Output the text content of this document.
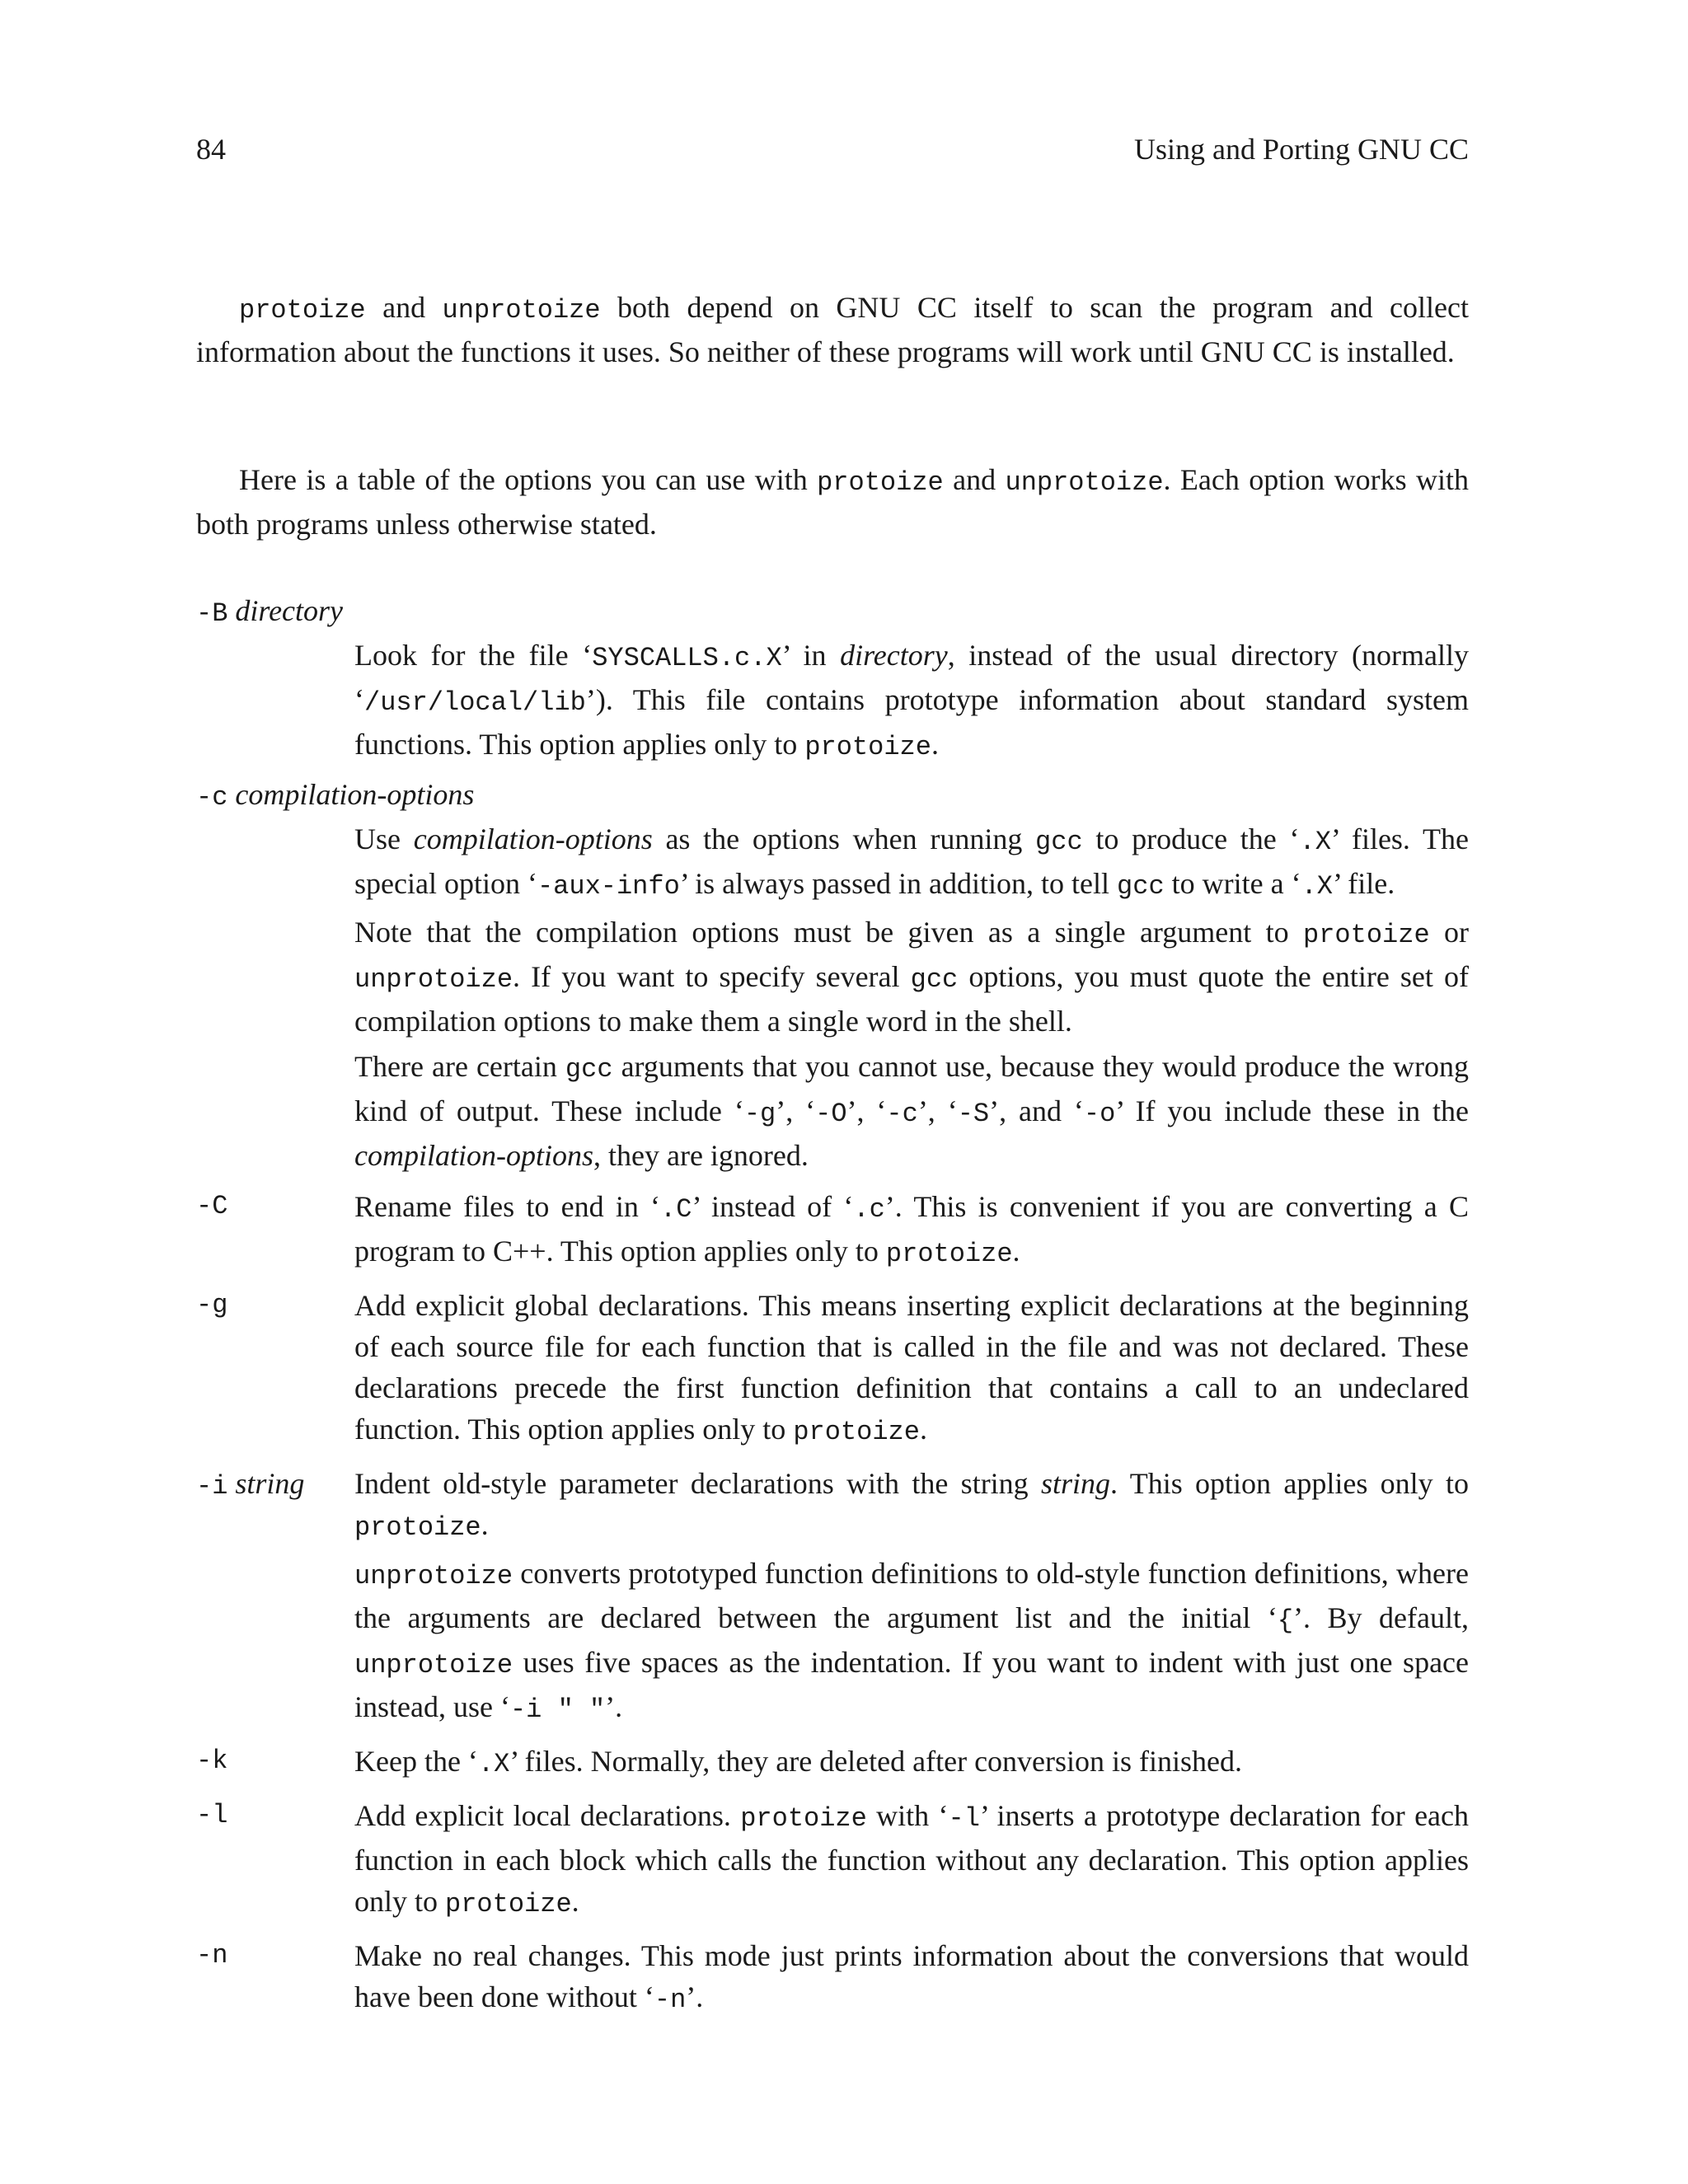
84	Using and Porting GNU CC

protoize and unprotoize both depend on GNU CC itself to scan the program and collect information about the functions it uses. So neither of these programs will work until GNU CC is installed.

Here is a table of the options you can use with protoize and unprotoize. Each option works with both programs unless otherwise stated.

-B directory

Look for the file ‘SYSCALLS.c.X’ in directory, instead of the usual directory (normally ‘/usr/local/lib’). This file contains prototype information about standard system functions. This option applies only to protoize.

-c compilation-options

Use compilation-options as the options when running gcc to produce the ‘.X’ files. The special option ‘-aux-info’ is always passed in addition, to tell gcc to write a ‘.X’ file.

Note that the compilation options must be given as a single argument to protoize or unprotoize. If you want to specify several gcc options, you must quote the entire set of compilation options to make them a single word in the shell.

There are certain gcc arguments that you cannot use, because they would produce the wrong kind of output. These include ‘-g’, ‘-O’, ‘-c’, ‘-S’, and ‘-o’ If you include these in the compilation-options, they are ignored.

-C	Rename files to end in ‘.C’ instead of ‘.c’. This is convenient if you are converting a C program to C++. This option applies only to protoize.

-g	Add explicit global declarations. This means inserting explicit declarations at the beginning of each source file for each function that is called in the file and was not declared. These declarations precede the first function definition that contains a call to an undeclared function. This option applies only to protoize.

-i string Indent old-style parameter declarations with the string string. This option applies only to protoize.

unprotoize converts prototyped function definitions to old-style function definitions, where the arguments are declared between the argument list and the initial ‘{’. By default, unprotoize uses five spaces as the indentation. If you want to indent with just one space instead, use ‘-i " "’.

-k	Keep the ‘.X’ files. Normally, they are deleted after conversion is finished.

-l	Add explicit local declarations. protoize with ‘-l’ inserts a prototype declaration for each function in each block which calls the function without any declaration. This option applies only to protoize.

-n	Make no real changes. This mode just prints information about the conversions that would have been done without ‘-n’.
